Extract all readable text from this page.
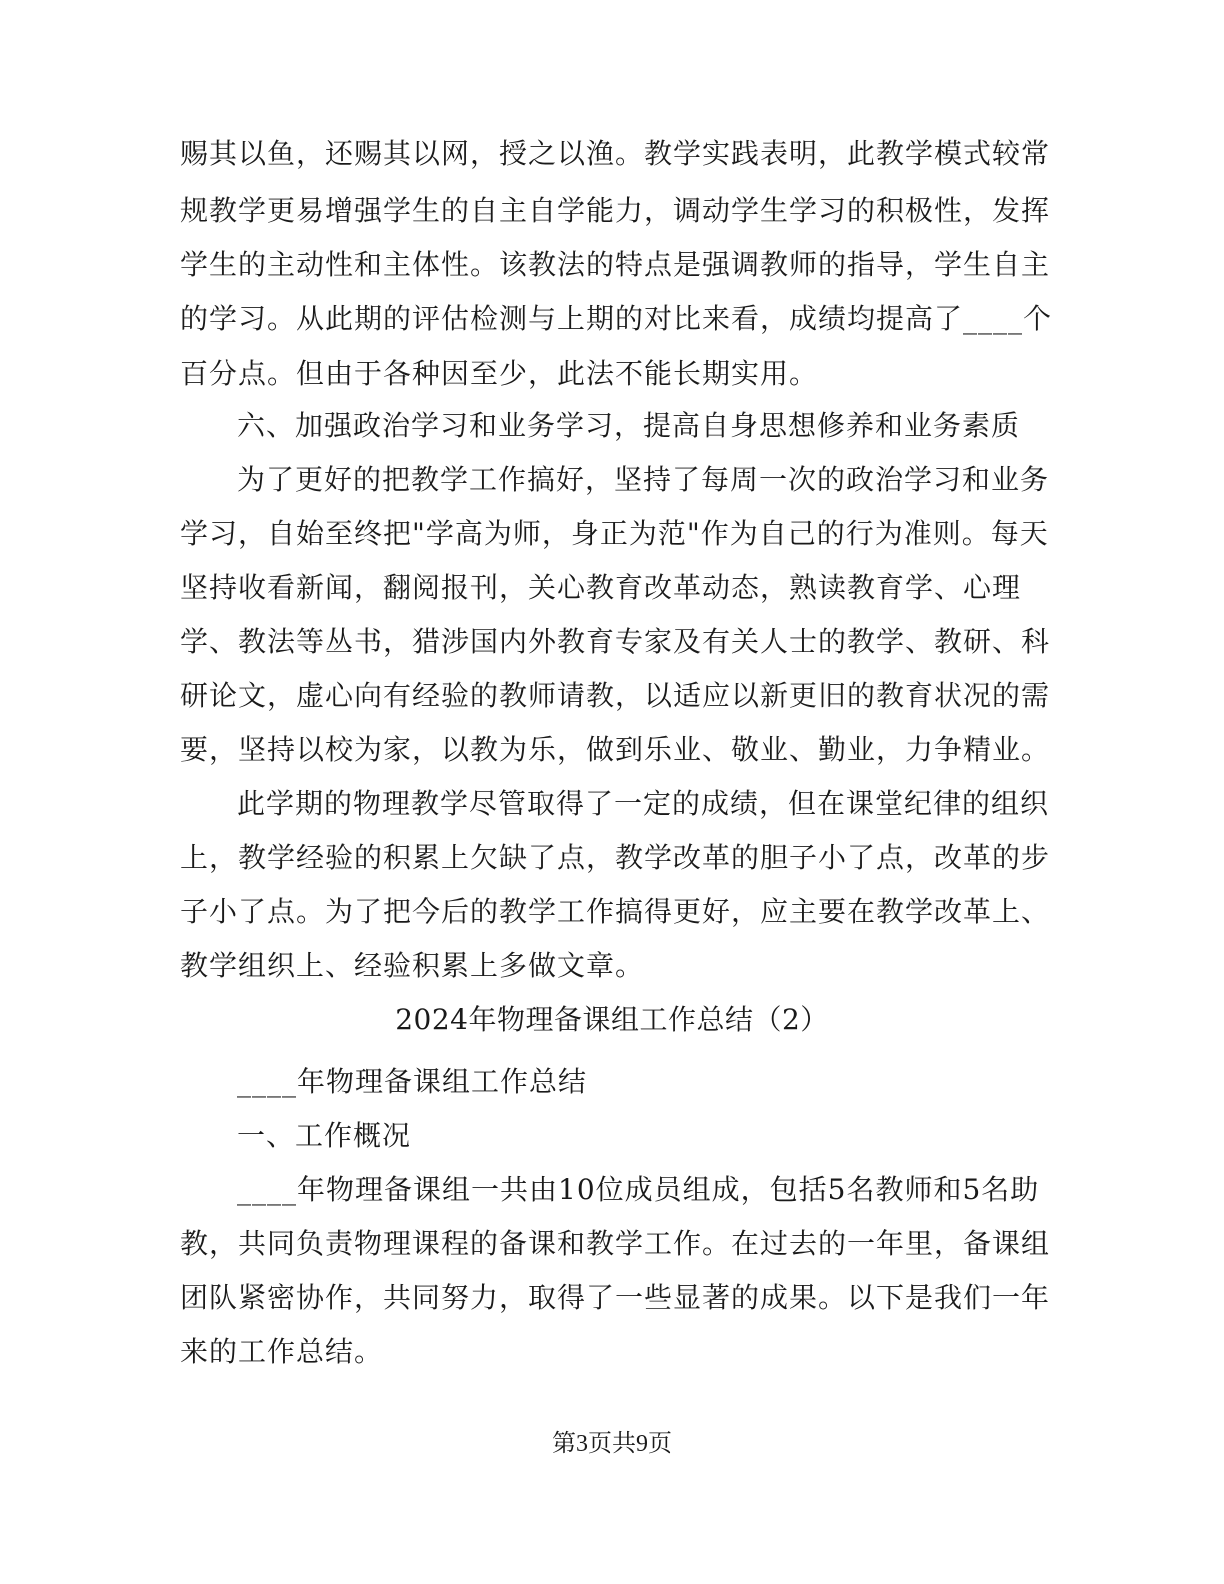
赐其以鱼，还赐其以网，授之以渔。教学实践表明，此教学模式较常
规教学更易增强学生的自主自学能力，调动学生学习的积极性，发挥
学生的主动性和主体性。该教法的特点是强调教师的指导，学生自主
的学习。从此期的评估检测与上期的对比来看，成绩均提高了____个
百分点。但由于各种因至少，此法不能长期实用。
六、加强政治学习和业务学习，提高自身思想修养和业务素质
为了更好的把教学工作搞好，坚持了每周一次的政治学习和业务
学习，自始至终把"学高为师，身正为范"作为自己的行为准则。每天
坚持收看新闻，翻阅报刊，关心教育改革动态，熟读教育学、心理
学、教法等丛书，猎涉国内外教育专家及有关人士的教学、教研、科
研论文，虚心向有经验的教师请教，以适应以新更旧的教育状况的需
要，坚持以校为家，以教为乐，做到乐业、敬业、勤业，力争精业。
此学期的物理教学尽管取得了一定的成绩，但在课堂纪律的组织
上，教学经验的积累上欠缺了点，教学改革的胆子小了点，改革的步
子小了点。为了把今后的教学工作搞得更好，应主要在教学改革上、
教学组织上、经验积累上多做文章。
2024年物理备课组工作总结（2）
____年物理备课组工作总结
一、工作概况
____年物理备课组一共由10位成员组成，包括5名教师和5名助
教，共同负责物理课程的备课和教学工作。在过去的一年里，备课组
团队紧密协作，共同努力，取得了一些显著的成果。以下是我们一年
来的工作总结。
第3页共9页
